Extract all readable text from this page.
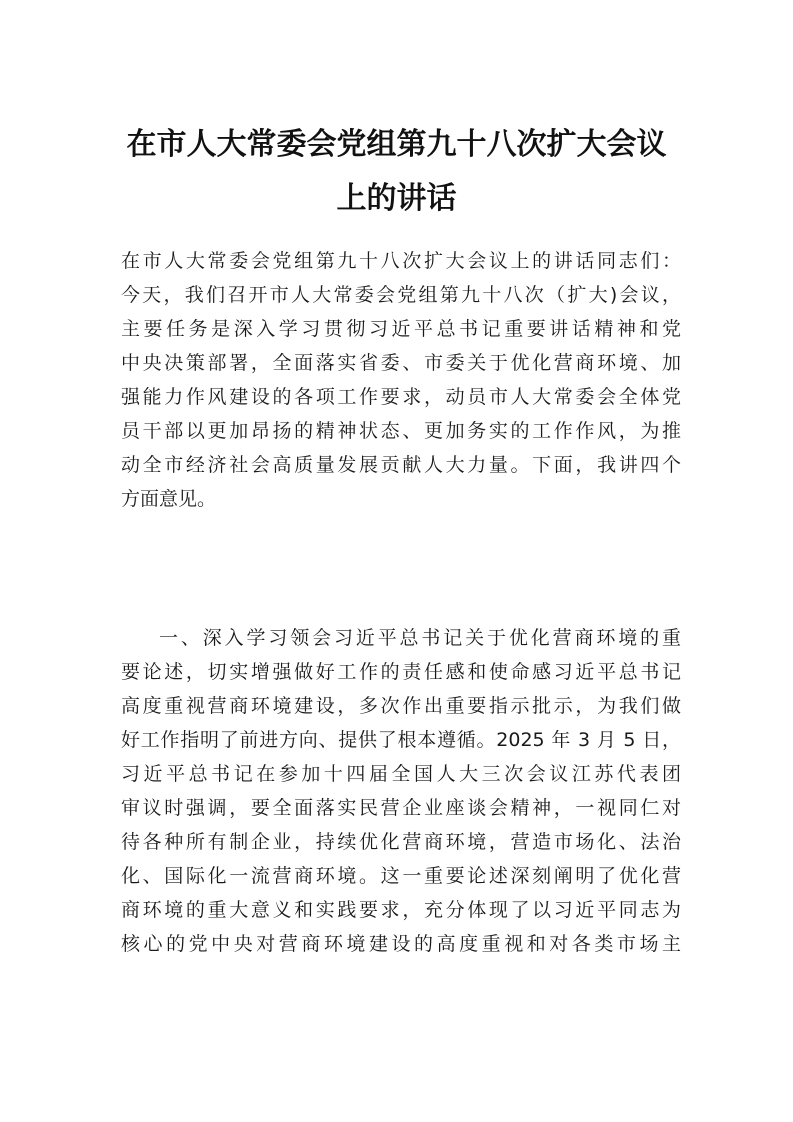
在市人大常委会党组第九十八次扩大会议
上的讲话
在市人大常委会党组第九十八次扩大会议上的讲话同志们：
今天，我们召开市人大常委会党组第九十八次（扩大)会议，
主要任务是深入学习贯彻习近平总书记重要讲话精神和党
中央决策部署，全面落实省委、市委关于优化营商环境、加
强能力作风建设的各项工作要求，动员市人大常委会全体党
员干部以更加昂扬的精神状态、更加务实的工作作风，为推
动全市经济社会高质量发展贡献人大力量。下面，我讲四个
方面意见。
一、深入学习领会习近平总书记关于优化营商环境的重
要论述，切实增强做好工作的责任感和使命感习近平总书记
高度重视营商环境建设，多次作出重要指示批示，为我们做
好工作指明了前进方向、提供了根本遵循。2025 年 3 月 5 日，
习近平总书记在参加十四届全国人大三次会议江苏代表团
审议时强调，要全面落实民营企业座谈会精神，一视同仁对
待各种所有制企业，持续优化营商环境，营造市场化、法治
化、国际化一流营商环境。这一重要论述深刻阐明了优化营
商环境的重大意义和实践要求，充分体现了以习近平同志为
核心的党中央对营商环境建设的高度重视和对各类市场主
